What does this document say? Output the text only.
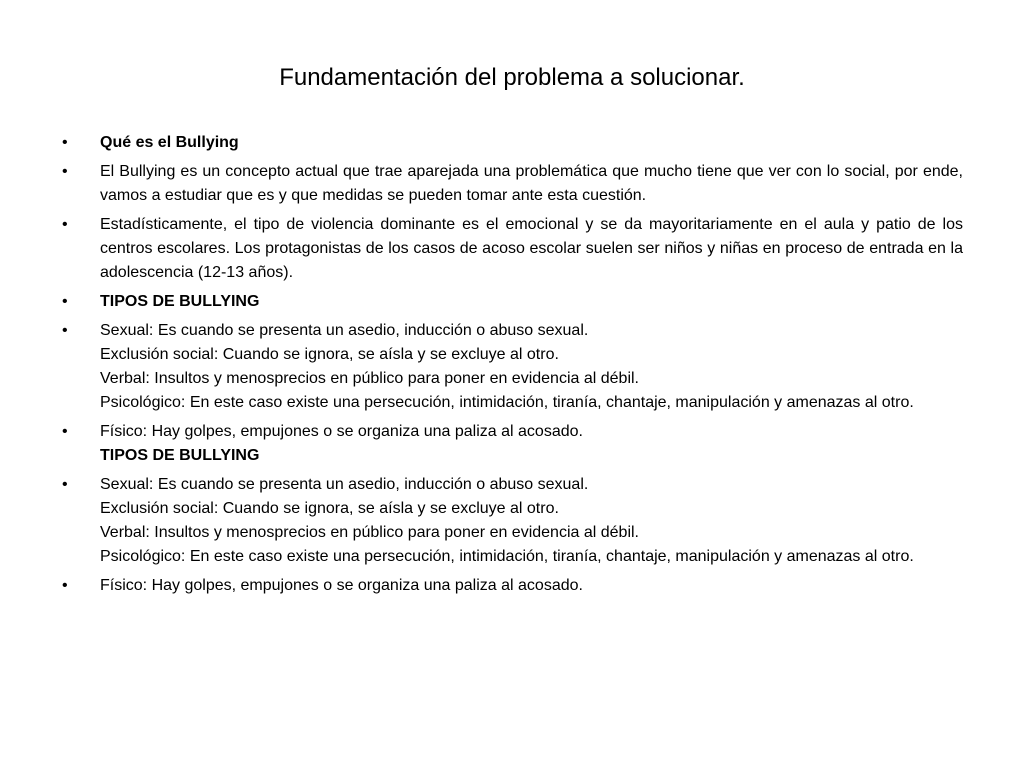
Fundamentación del problema a solucionar.
•	Qué es el Bullying
•	El Bullying es un concepto actual que trae aparejada una problemática que mucho tiene que ver con lo social, por ende, vamos a estudiar que es y que medidas se pueden tomar ante esta cuestión.
•	Estadísticamente, el tipo de violencia dominante es el emocional y se da mayoritariamente en el aula y patio de los centros escolares. Los protagonistas de los casos de acoso escolar suelen ser niños y niñas en proceso de entrada en la adolescencia (12-13 años).
•	TIPOS DE BULLYING
•	Sexual: Es cuando se presenta un asedio, inducción o abuso sexual.
Exclusión social: Cuando se ignora, se aísla y se excluye al otro.
Verbal: Insultos y menosprecios en público para poner en evidencia al débil.
Psicológico: En este caso existe una persecución, intimidación, tiranía, chantaje, manipulación y amenazas al otro.
•	Físico: Hay golpes, empujones o se organiza una paliza al acosado.
TIPOS DE BULLYING
•	Sexual: Es cuando se presenta un asedio, inducción o abuso sexual.
Exclusión social: Cuando se ignora, se aísla y se excluye al otro.
Verbal: Insultos y menosprecios en público para poner en evidencia al débil.
Psicológico: En este caso existe una persecución, intimidación, tiranía, chantaje, manipulación y amenazas al otro.
•	Físico: Hay golpes, empujones o se organiza una paliza al acosado.
